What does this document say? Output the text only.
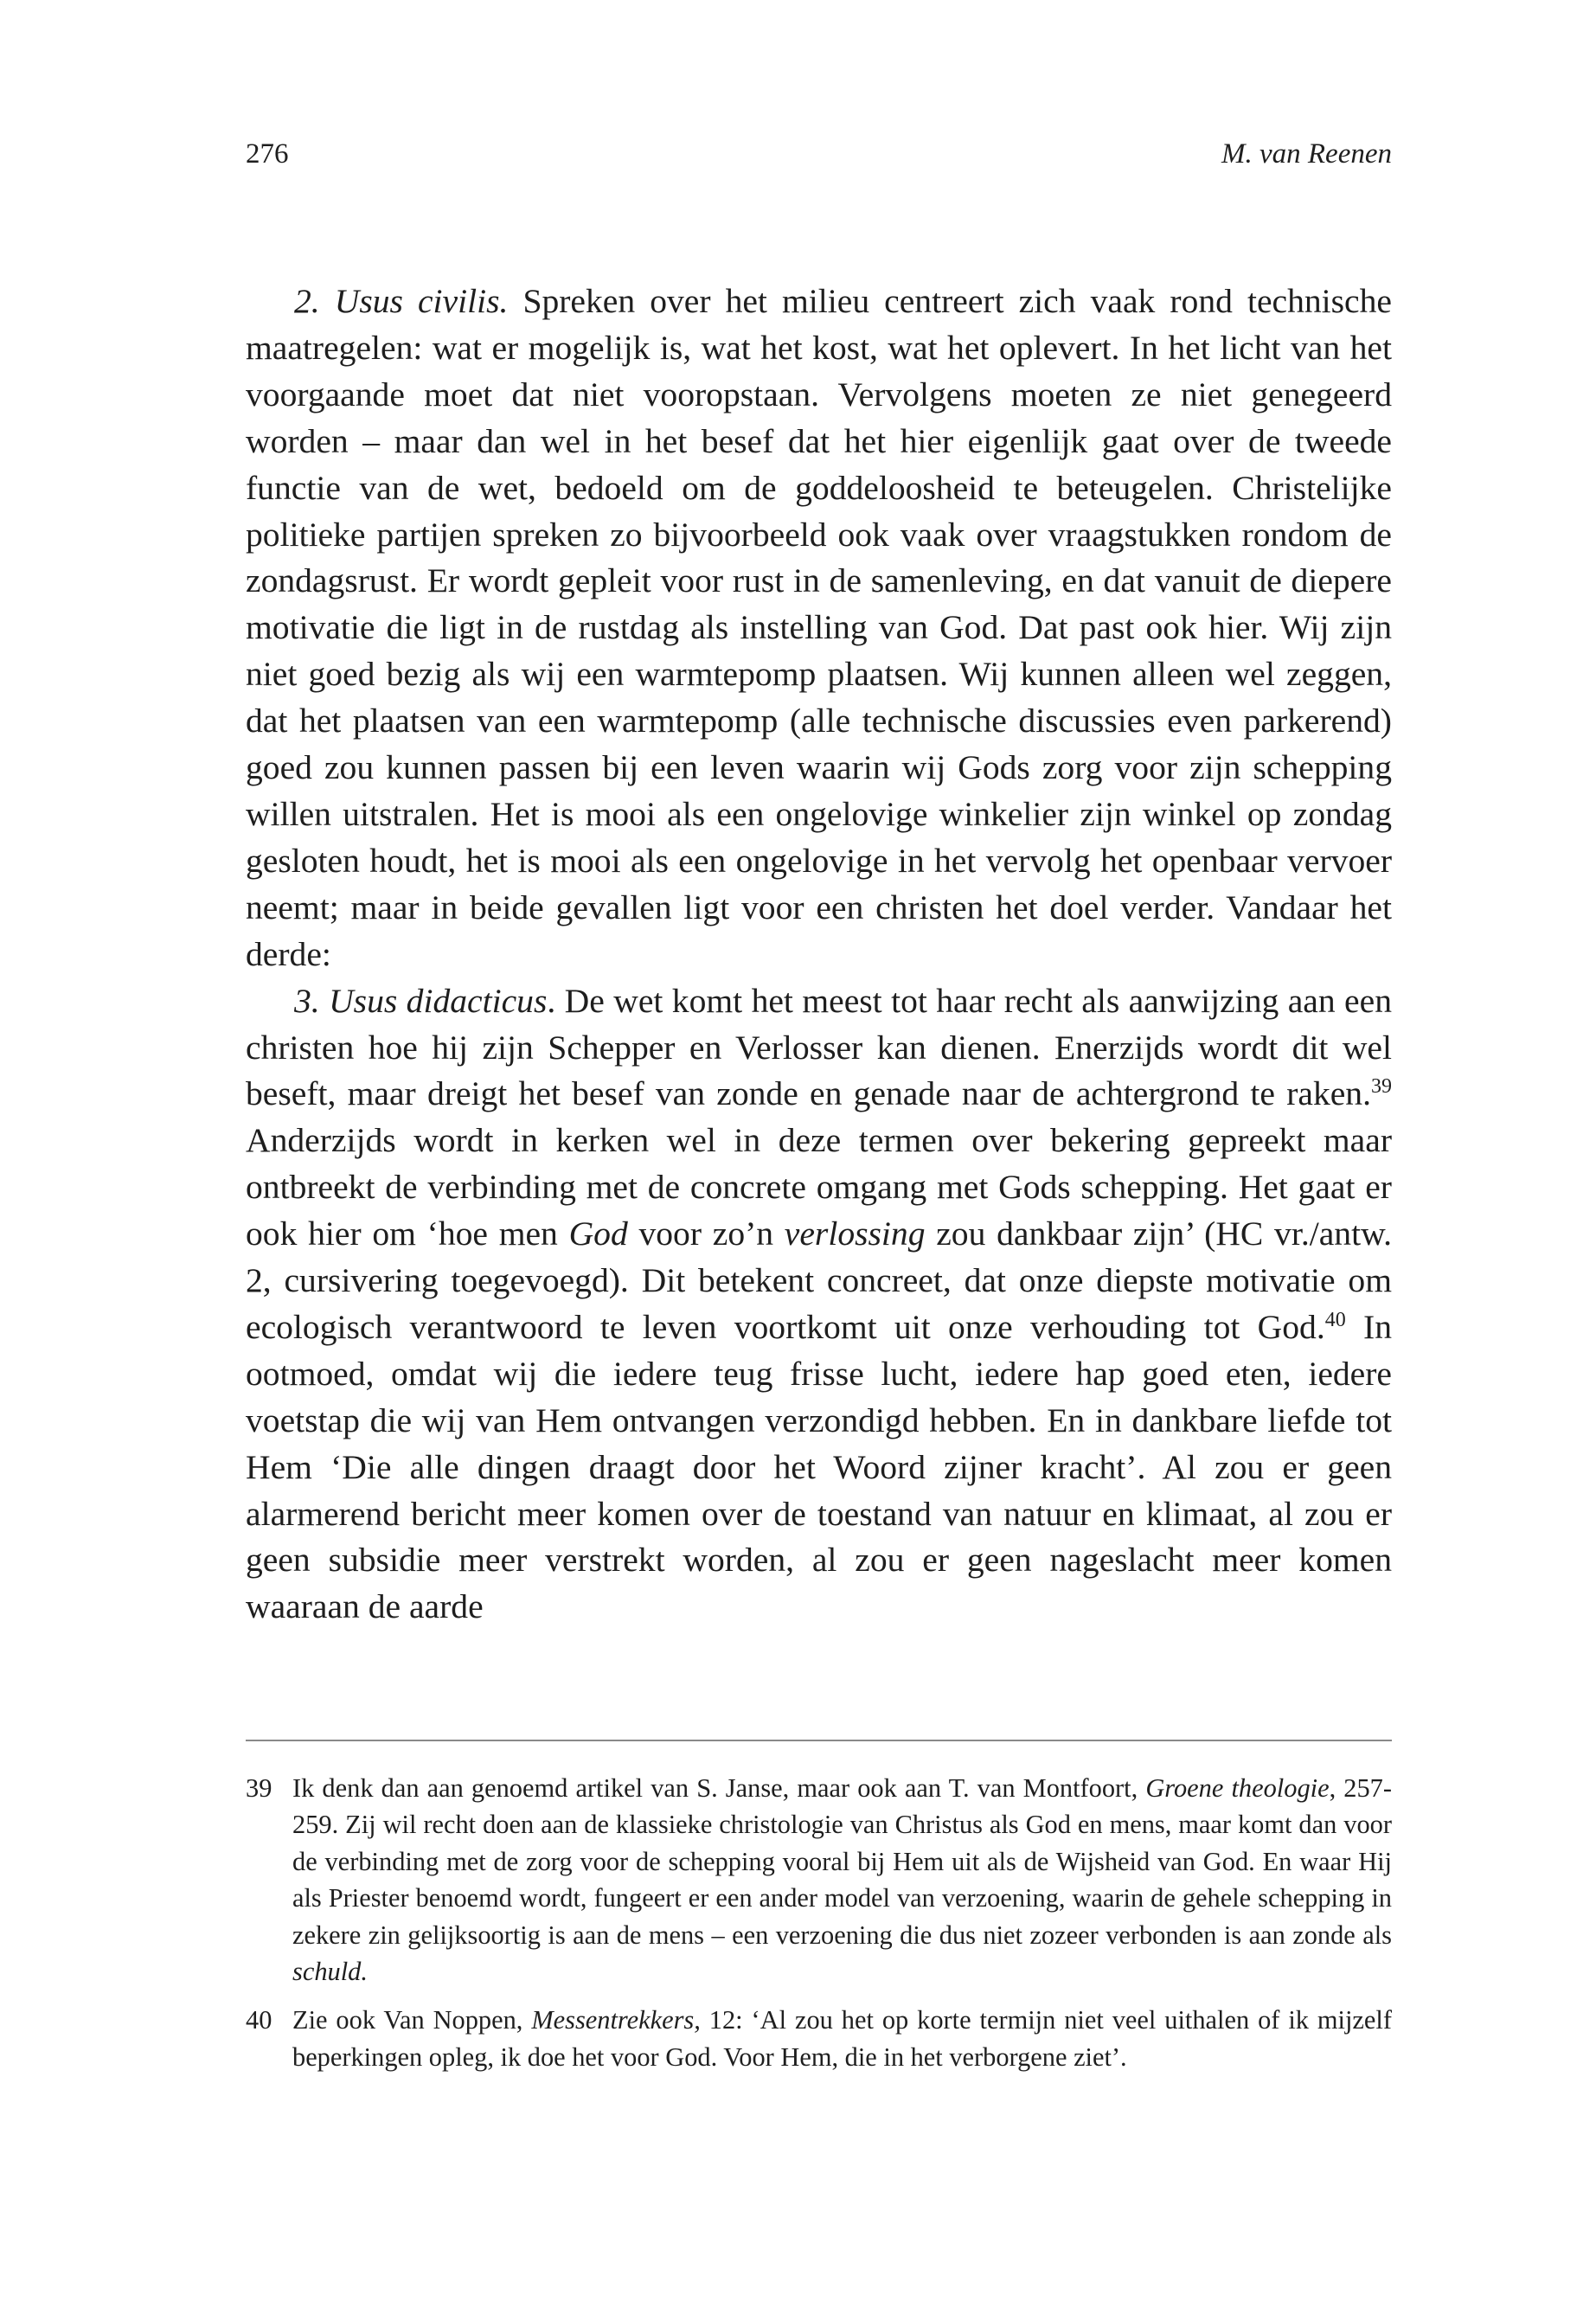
276	M. van Reenen

2. Usus civilis. Spreken over het milieu centreert zich vaak rond technische maatregelen: wat er mogelijk is, wat het kost, wat het oplevert. In het licht van het voorgaande moet dat niet vooropstaan. Vervolgens moeten ze niet genegeerd worden – maar dan wel in het besef dat het hier eigenlijk gaat over de tweede functie van de wet, bedoeld om de goddeloosheid te beteugelen. Christelijke politieke partijen spreken zo bijvoorbeeld ook vaak over vraagstukken rondom de zondagsrust. Er wordt gepleit voor rust in de samenleving, en dat vanuit de diepere motivatie die ligt in de rustdag als instelling van God. Dat past ook hier. Wij zijn niet goed bezig als wij een warmtepomp plaatsen. Wij kunnen alleen wel zeggen, dat het plaatsen van een warmtepomp (alle technische discussies even parkerend) goed zou kunnen passen bij een leven waarin wij Gods zorg voor zijn schepping willen uitstralen. Het is mooi als een ongelovige winkelier zijn winkel op zondag gesloten houdt, het is mooi als een ongelovige in het vervolg het openbaar vervoer neemt; maar in beide gevallen ligt voor een christen het doel verder. Vandaar het derde:

3. Usus didacticus. De wet komt het meest tot haar recht als aanwijzing aan een christen hoe hij zijn Schepper en Verlosser kan dienen. Enerzijds wordt dit wel beseft, maar dreigt het besef van zonde en genade naar de achtergrond te raken.$^{39}$ Anderzijds wordt in kerken wel in deze termen over bekering gepreekt maar ontbreekt de verbinding met de concrete omgang met Gods schepping. Het gaat er ook hier om ‘hoe men God voor zo’n verlossing zou dankbaar zijn’ (HC vr./antw. 2, cursivering toegevoegd). Dit betekent concreet, dat onze diepste motivatie om ecologisch verantwoord te leven voortkomt uit onze verhouding tot God.$^{40}$ In ootmoed, omdat wij die iedere teug frisse lucht, iedere hap goed eten, iedere voetstap die wij van Hem ontvangen verzondigd hebben. En in dankbare liefde tot Hem ‘Die alle dingen draagt door het Woord zijner kracht’. Al zou er geen alarmerend bericht meer komen over de toestand van natuur en klimaat, al zou er geen subsidie meer verstrekt worden, al zou er geen nageslacht meer komen waaraan de aarde

39 Ik denk dan aan genoemd artikel van S. Janse, maar ook aan T. van Montfoort, Groene theologie, 257-259. Zij wil recht doen aan de klassieke christologie van Christus als God en mens, maar komt dan voor de verbinding met de zorg voor de schepping vooral bij Hem uit als de Wijsheid van God. En waar Hij als Priester benoemd wordt, fungeert er een ander model van verzoening, waarin de gehele schepping in zekere zin gelijksoortig is aan de mens – een verzoening die dus niet zozeer verbonden is aan zonde als schuld.
40 Zie ook Van Noppen, Messentrekkers, 12: ‘Al zou het op korte termijn niet veel uithalen of ik mijzelf beperkingen opleg, ik doe het voor God. Voor Hem, die in het verborgene ziet’.
